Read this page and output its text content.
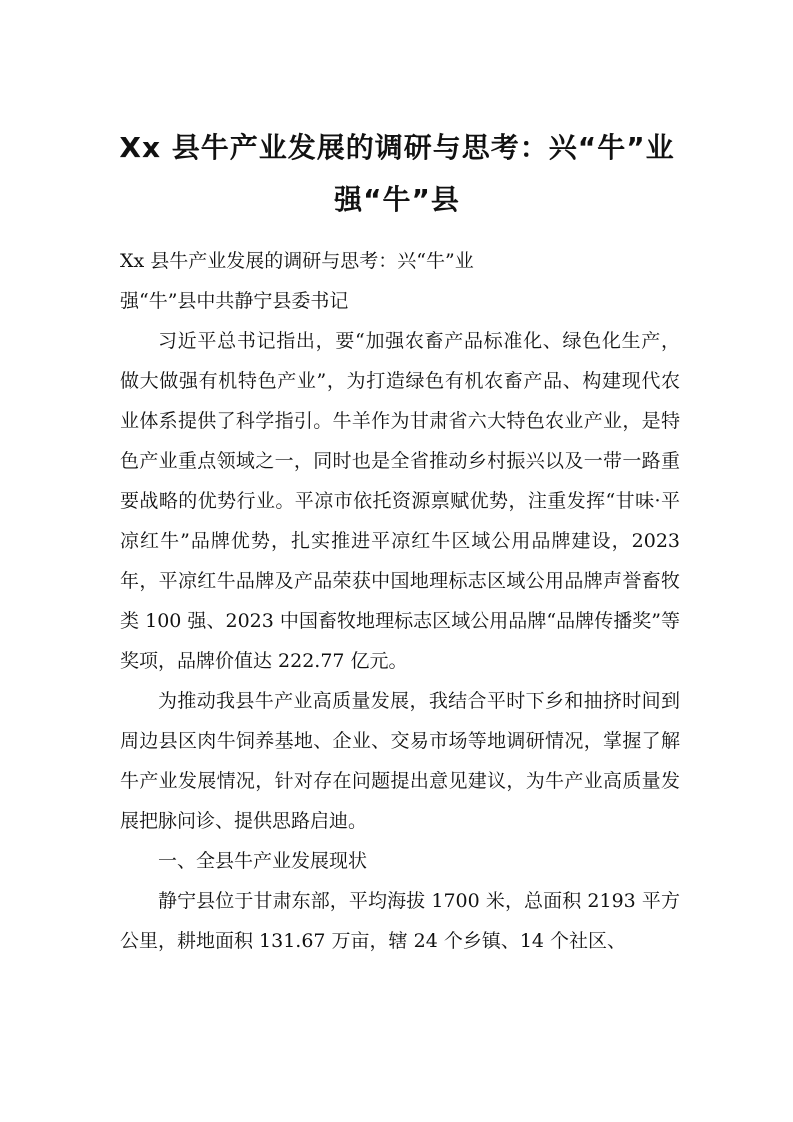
Xx 县牛产业发展的调研与思考：兴“牛”业强“牛”县

Xx 县牛产业发展的调研与思考：兴“牛”业

强“牛”县中共静宁县委书记

习近平总书记指出，要“加强农畜产品标准化、绿色化生产，做大做强有机特色产业”，为打造绿色有机农畜产品、构建现代农业体系提供了科学指引。牛羊作为甘肃省六大特色农业产业，是特色产业重点领域之一，同时也是全省推动乡村振兴以及一带一路重要战略的优势行业。平凉市依托资源禀赋优势，注重发挥“甘味·平凉红牛”品牌优势，扎实推进平凉红牛区域公用品牌建设，2023 年，平凉红牛品牌及产品荣获中国地理标志区域公用品牌声誉畜牧类 100 强、2023 中国畜牧地理标志区域公用品牌“品牌传播奖”等奖项，品牌价值达 222.77 亿元。

为推动我县牛产业高质量发展，我结合平时下乡和抽挤时间到周边县区肉牛饲养基地、企业、交易市场等地调研情况，掌握了解牛产业发展情况，针对存在问题提出意见建议，为牛产业高质量发展把脉问诊、提供思路启迪。

一、全县牛产业发展现状

静宁县位于甘肃东部，平均海拔 1700 米，总面积 2193 平方公里，耕地面积 131.67 万亩，辖 24 个乡镇、14 个社区、
